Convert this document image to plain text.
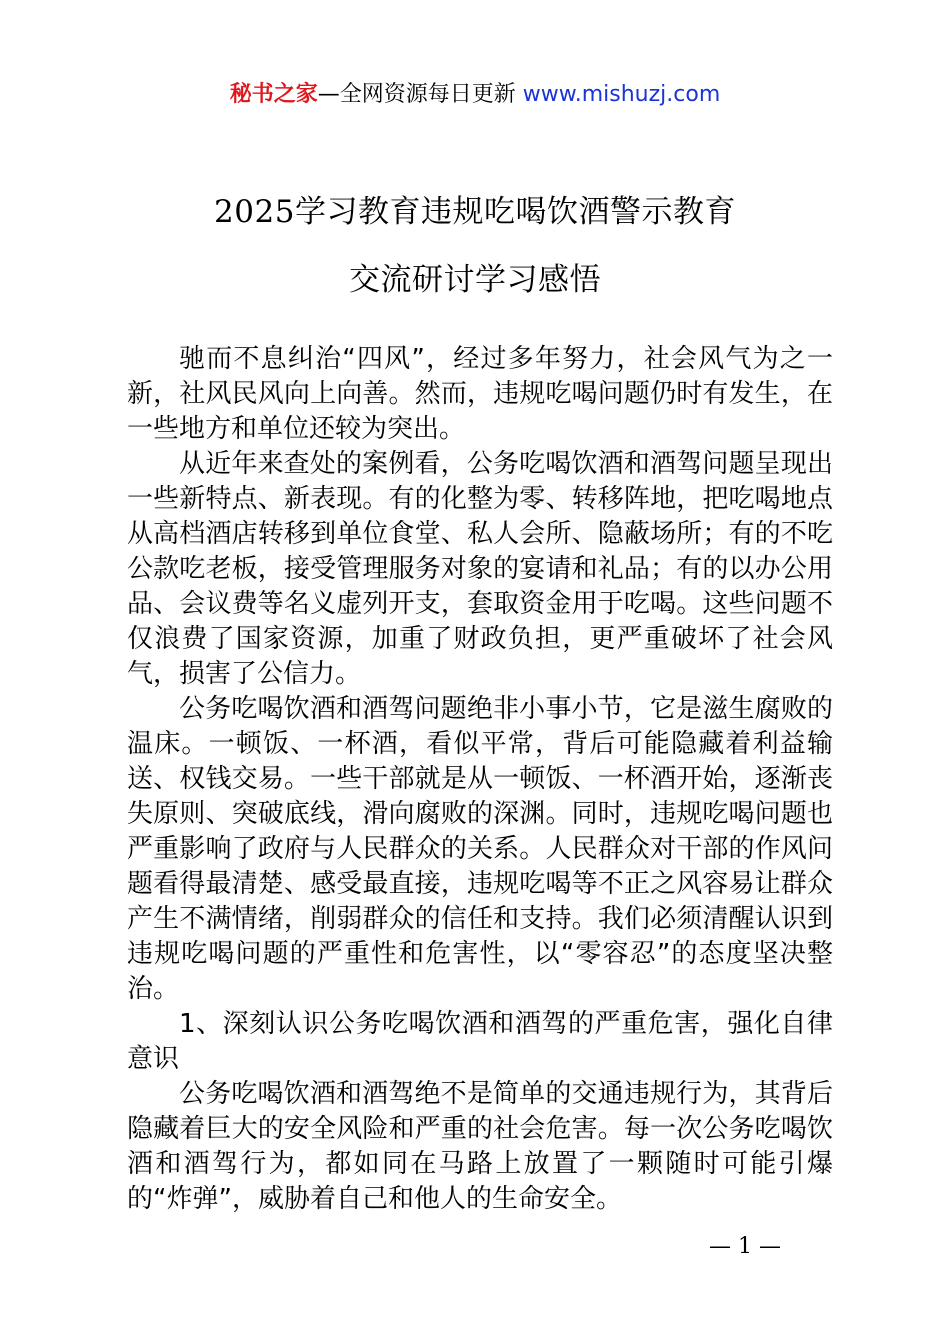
秘书之家—全网资源每日更新 www.mishuzj.com
2025学习教育违规吃喝饮酒警示教育
交流研讨学习感悟

驰而不息纠治“四风”，经过多年努力，社会风气为之一新，社风民风向上向善。然而，违规吃喝问题仍时有发生，在一些地方和单位还较为突出。

从近年来查处的案例看，公务吃喝饮酒和酒驾问题呈现出一些新特点、新表现。有的化整为零、转移阵地，把吃喝地点从高档酒店转移到单位食堂、私人会所、隐蔽场所；有的不吃公款吃老板，接受管理服务对象的宴请和礼品；有的以办公用品、会议费等名义虚列开支，套取资金用于吃喝。这些问题不仅浪费了国家资源，加重了财政负担，更严重破坏了社会风气，损害了公信力。

公务吃喝饮酒和酒驾问题绝非小事小节，它是滋生腐败的温床。一顿饭、一杯酒，看似平常，背后可能隐藏着利益输送、权钱交易。一些干部就是从一顿饭、一杯酒开始，逐渐丧失原则、突破底线，滑向腐败的深渊。同时，违规吃喝问题也严重影响了政府与人民群众的关系。人民群众对干部的作风问题看得最清楚、感受最直接，违规吃喝等不正之风容易让群众产生不满情绪，削弱群众的信任和支持。我们必须清醒认识到违规吃喝问题的严重性和危害性，以“零容忍”的态度坚决整治。

1、深刻认识公务吃喝饮酒和酒驾的严重危害，强化自律意识

公务吃喝饮酒和酒驾绝不是简单的交通违规行为，其背后隐藏着巨大的安全风险和严重的社会危害。每一次公务吃喝饮酒和酒驾行为，都如同在马路上放置了一颗随时可能引爆的“炸弹”，威胁着自己和他人的生命安全。

— 1 —
